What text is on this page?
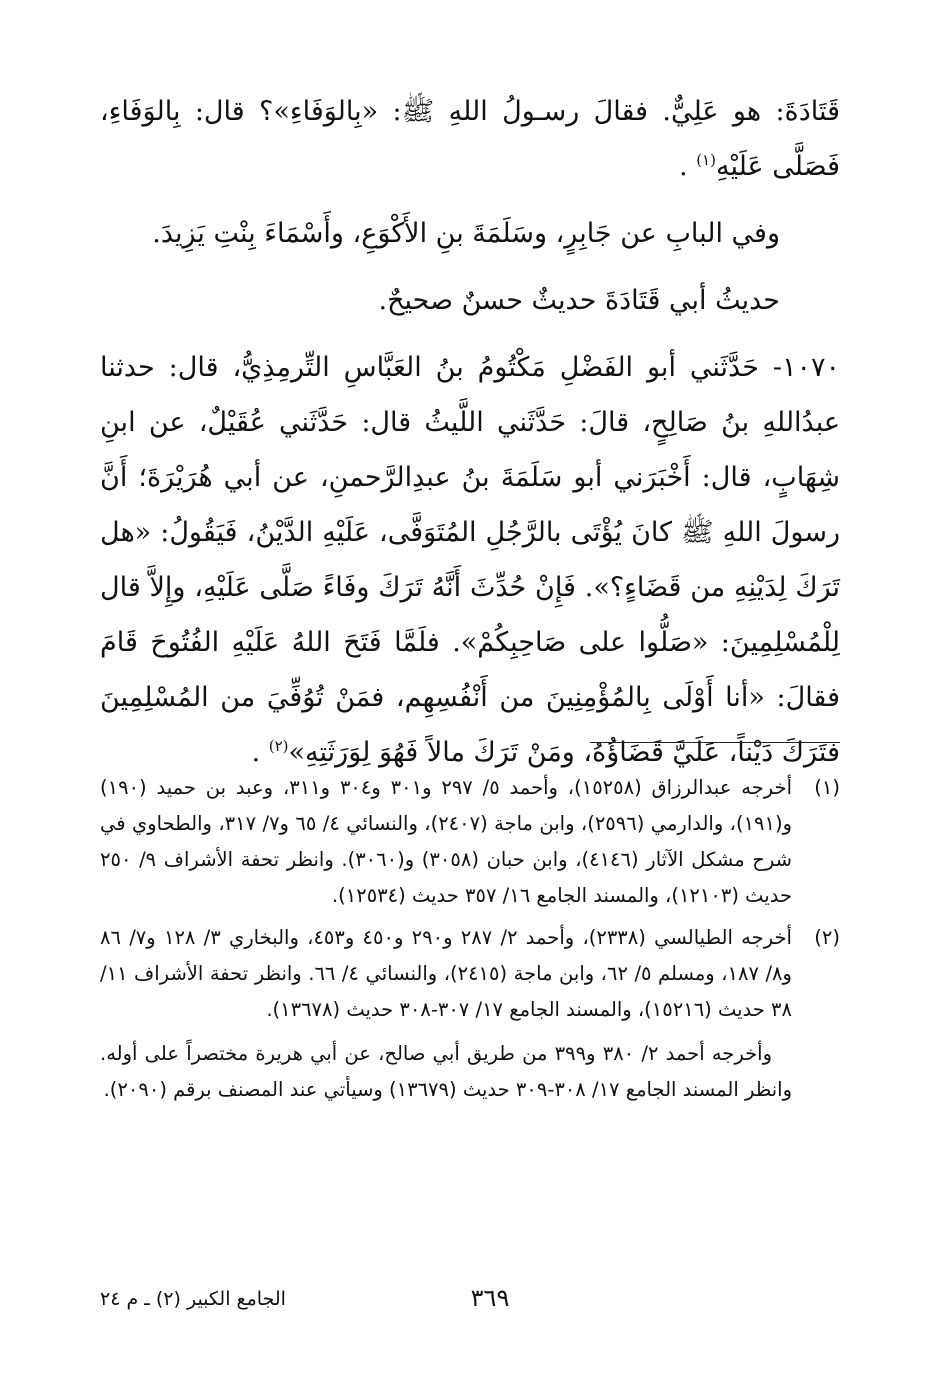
قَتَادَةَ: هو عَلِيٌّ. فقالَ رسـولُ اللهِ ﷺ: «بِالوَفَاءِ»؟ قال: بِالوَفَاءِ، فَصَلَّى عَلَيْهِ$^{(١)}$ .

وفي البابِ عن جَابِرٍ، وسَلَمَةَ بنِ الأَكْوَعِ، وأَسْمَاءَ بِنْتِ يَزِيدَ.

حديثُ أبي قَتَادَةَ حديثٌ حسنٌ صحيحٌ.

١٠٧٠- حَدَّثَني أبو الفَضْلِ مَكْتُومُ بنُ العَبَّاسِ التِّرمِذِيُّ، قال: حدثنا عبدُاللهِ بنُ صَالِحٍ، قالَ: حَدَّثَني اللَّيثُ قال: حَدَّثَني عُقَيْلٌ، عن ابنِ شِهَابٍ، قال: أَخْبَرَني أبو سَلَمَةَ بنُ عبدِالرَّحمنِ، عن أبي هُرَيْرَةَ؛ أَنَّ رسولَ اللهِ ﷺ كانَ يُؤْتَى بالرَّجُلِ المُتَوَفَّى، عَلَيْهِ الدَّيْنُ، فَيَقُولُ: «هل تَرَكَ لِدَيْنِهِ من قَضَاءٍ؟». فَإِنْ حُدِّثَ أَنَّهُ تَرَكَ وفَاءً صَلَّى عَلَيْهِ، وإِلاَّ قال لِلْمُسْلِمِينَ: «صَلُّوا على صَاحِبِكُمْ». فلَمَّا فَتَحَ اللهُ عَلَيْهِ الفُتُوحَ قَامَ فقالَ: «أنا أَوْلَى بِالمُؤْمِنِينَ من أَنْفُسِهِم، فمَنْ تُوُفِّيَ من المُسْلِمِينَ فتَرَكَ دَيْناً، عَلَيَّ قَضَاؤُهُ، ومَنْ تَرَكَ مالاً فَهُوَ لِوَرَثَتِهِ»$^{(٢)}$ .

(١)
أخرجه عبدالرزاق (١٥٢٥٨)، وأحمد ٥/ ٢٩٧ و٣٠١ و٣٠٤ و٣١١، وعبد بن حميد (١٩٠) و(١٩١)، والدارمي (٢٥٩٦)، وابن ماجة (٢٤٠٧)، والنسائي ٤/ ٦٥ و٧/ ٣١٧، والطحاوي في شرح مشكل الآثار (٤١٤٦)، وابن حبان (٣٠٥٨) و(٣٠٦٠). وانظر تحفة الأشراف ٩/ ٢٥٠ حديث (١٢١٠٣)، والمسند الجامع ١٦/ ٣٥٧ حديث (١٢٥٣٤).
(٢)
أخرجه الطيالسي (٢٣٣٨)، وأحمد ٢/ ٢٨٧ و٢٩٠ و٤٥٠ و٤٥٣، والبخاري ٣/ ١٢٨ و٧/ ٨٦ و٨/ ١٨٧، ومسلم ٥/ ٦٢، وابن ماجة (٢٤١٥)، والنسائي ٤/ ٦٦. وانظر تحفة الأشراف ١١/ ٣٨ حديث (١٥٢١٦)، والمسند الجامع ١٧/ ٣٠٧-٣٠٨ حديث (١٣٦٧٨).

وأخرجه أحمد ٢/ ٣٨٠ و٣٩٩ من طريق أبي صالح، عن أبي هريرة مختصراً على أوله. وانظر المسند الجامع ١٧/ ٣٠٨-٣٠٩ حديث (١٣٦٧٩) وسيأتي عند المصنف برقم (٢٠٩٠).

٣٦٩
الجامع الكبير (٢) ـ م ٢٤
